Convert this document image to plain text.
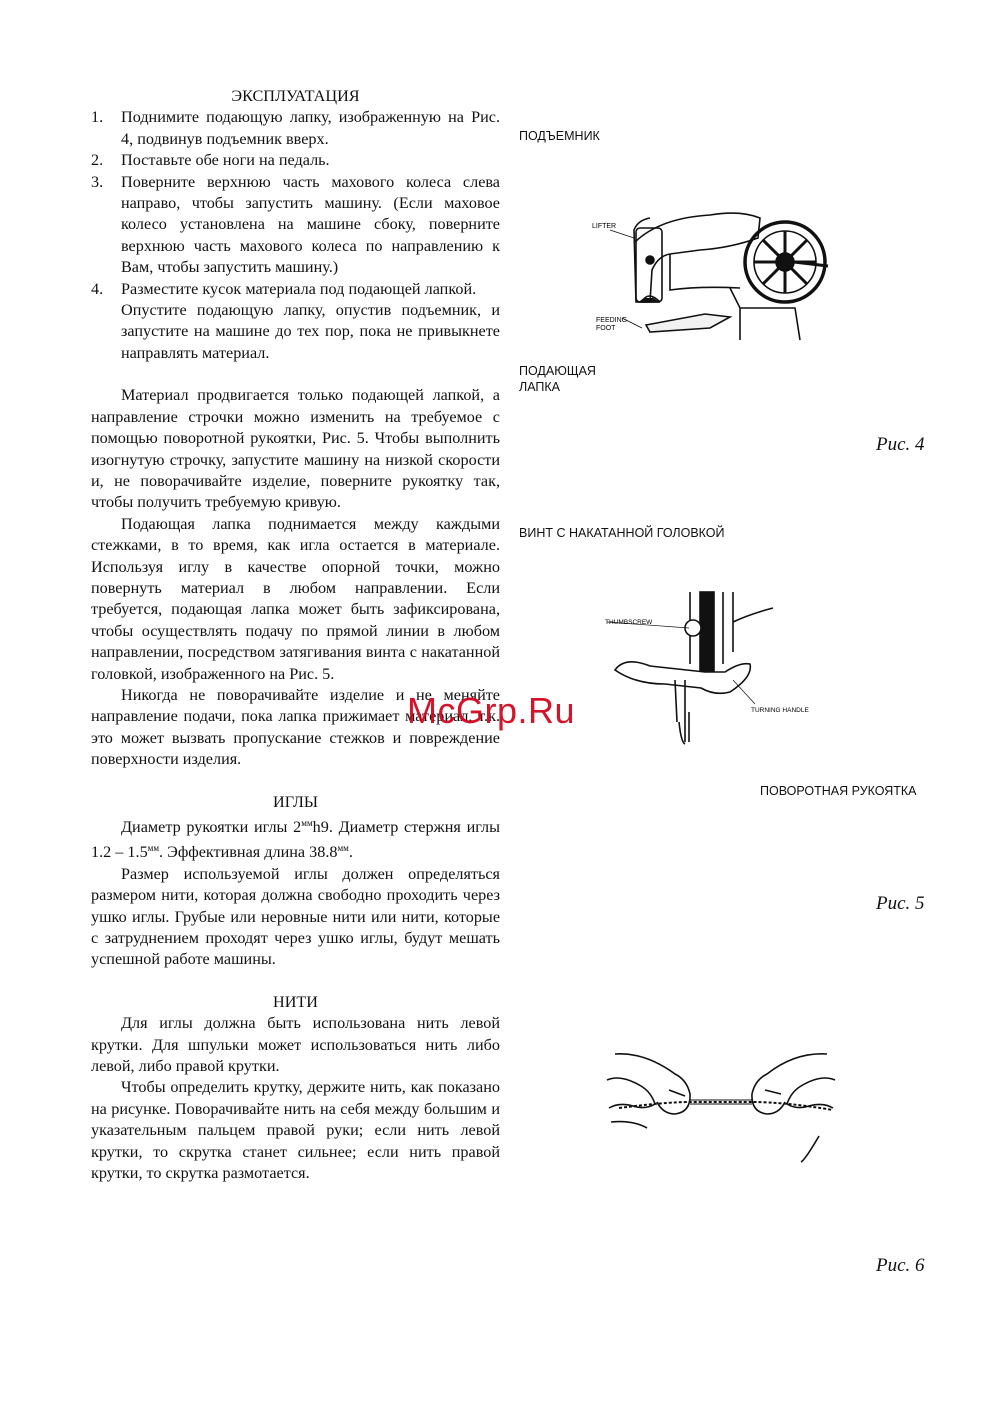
ЭКСПЛУАТАЦИЯ
1. Поднимите подающую лапку, изображенную на Рис. 4, подвинув подъемник вверх.
2. Поставьте обе ноги на педаль.
3. Поверните верхнюю часть махового колеса слева направо, чтобы запустить машину. (Если маховое колесо установлена на машине сбоку, поверните верхнюю часть махового колеса по направлению к Вам, чтобы запустить машину.)
4. Разместите кусок материала под подающей лапкой.
Опустите подающую лапку, опустив подъемник, и запустите на машине до тех пор, пока не привыкнете направлять материал.

Материал продвигается только подающей лапкой, а направление строчки можно изменить на требуемое с помощью поворотной рукоятки, Рис. 5. Чтобы выполнить изогнутую строчку, запустите машину на низкой скорости и, не поворачивайте изделие, поверните рукоятку так, чтобы получить требуемую кривую.

Подающая лапка поднимается между каждыми стежками, в то время, как игла остается в материале. Используя иглу в качестве опорной точки, можно повернуть материал в любом направлении. Если требуется, подающая лапка может быть зафиксирована, чтобы осуществлять подачу по прямой линии в любом направлении, посредством затягивания винта с накатанной головкой, изображенного на Рис. 5.

Никогда не поворачивайте изделие и не меняйте направление подачи, пока лапка прижимает материал, т.к. это может вызвать пропускание стежков и повреждение поверхности изделия.

ИГЛЫ

Диаметр рукоятки иглы $2^{мм}h9$. Диаметр стержня иглы $1.2 - 1.5^{мм}$. Эффективная длина $38.8^{мм}$.

Размер используемой иглы должен определяться размером нити, которая должна свободно проходить через ушко иглы. Грубые или неровные нити или нити, которые с затруднением проходят через ушко иглы, будут мешать успешной работе машины.

НИТИ

Для иглы должна быть использована нить левой крутки. Для шпульки может использоваться нить либо левой, либо правой крутки.

Чтобы определить крутку, держите нить, как показано на рисунке. Поворачивайте нить на себя между большим и указательным пальцем правой руки; если нить левой крутки, то скрутка станет сильнее; если нить правой крутки, то скрутка размотается.

ПОДЪЕМНИК
LIFTER
FEEDING
FOOT
ПОДАЮЩАЯ
ЛАПКА
Рис. 4
ВИНТ С НАКАТАННОЙ ГОЛОВКОЙ
THUMBSCREW
TURNING HANDLE
ПОВОРОТНАЯ РУКОЯТКА
Рис. 5
Рис. 6
McGrp.Ru
